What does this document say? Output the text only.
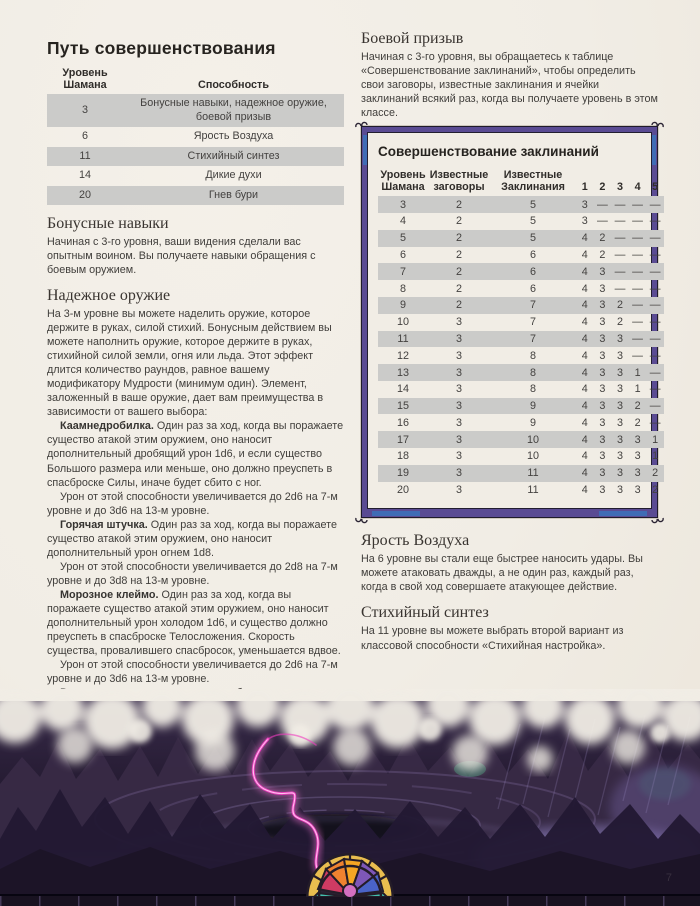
Путь совершенствования
Уровень Шамана	Способность
3	Бонусные навыки, надежное оружие, боевой призыв
6	Ярость Воздуха
11	Стихийный синтез
14	Дикие духи
20	Гнев бури
Бонусные навыки

Начиная с 3-го уровня, ваши видения сделали вас опытным воином. Вы получаете навыки обращения с боевым оружием.

Надежное оружие

На 3-м уровне вы можете наделить оружие, которое держите в руках, силой стихий. Бонусным действием вы можете наполнить оружие, которое держите в руках, стихийной силой земли, огня или льда. Этот эффект длится количество раундов, равное вашему модификатору Мудрости (минимум один). Элемент, заложенный в ваше оружие, дает вам преимущества в зависимости от вашего выбора:

Каамнедробилка. Один раз за ход, когда вы поражаете существо атакой этим оружием, оно наносит дополнительный дробящий урон 1d6, и если существо Большого размера или меньше, оно должно преуспеть в спасброске Силы, иначе будет сбито с ног.

Урон от этой способности увеличивается до 2d6 на 7-м уровне и до 3d6 на 13-м уровне.

Горячая штучка. Один раз за ход, когда вы поражаете существо атакой этим оружием, оно наносит дополнительный урон огнем 1d8.

Урон от этой способности увеличивается до 2d8 на 7-м уровне и до 3d8 на 13-м уровне.

Морозное клеймо. Один раз за ход, когда вы поражаете существо атакой этим оружием, оно наносит дополнительный урон холодом 1d6, и существо должно преуспеть в спасброске Телосложения. Скорость существа, провалившего спасбросок, уменьшается вдвое.

Урон от этой способности увеличивается до 2d6 на 7-м уровне и до 3d6 на 13-м уровне.

Боевой призыв

Начиная с 3-го уровня, вы обращаетесь к таблице «Совершенствование заклинаний», чтобы определить свои заговоры, известные заклинания и ячейки заклинаний всякий раз, когда вы получаете уровень в этом классе.

Совершенствование заклинаний
Уровень Шамана	Известные заговоры	Известные Заклинания	1	2	3	4	5
3	2	5	3	—	—	—	—
4	2	5	3	—	—	—	—
5	2	5	4	2	—	—	—
6	2	6	4	2	—	—	—
7	2	6	4	3	—	—	—
8	2	6	4	3	—	—	—
9	2	7	4	3	2	—	—
10	3	7	4	3	2	—	—
11	3	7	4	3	3	—	—
12	3	8	4	3	3	—	—
13	3	8	4	3	3	1	—
14	3	8	4	3	3	1	—
15	3	9	4	3	3	2	—
16	3	9	4	3	3	2	—
17	3	10	4	3	3	3	1
18	3	10	4	3	3	3	1
19	3	11	4	3	3	3	2
20	3	11	4	3	3	3	2
Ярость Воздуха

На 6 уровне вы стали еще быстрее наносить удары. Вы можете атаковать дважды, а не один раз, каждый раз, когда в свой ход совершаете атакующее действие.

Стихийный синтез

На 11 уровне вы можете выбрать второй вариант из классовой способности «Стихийная настройка».

7
